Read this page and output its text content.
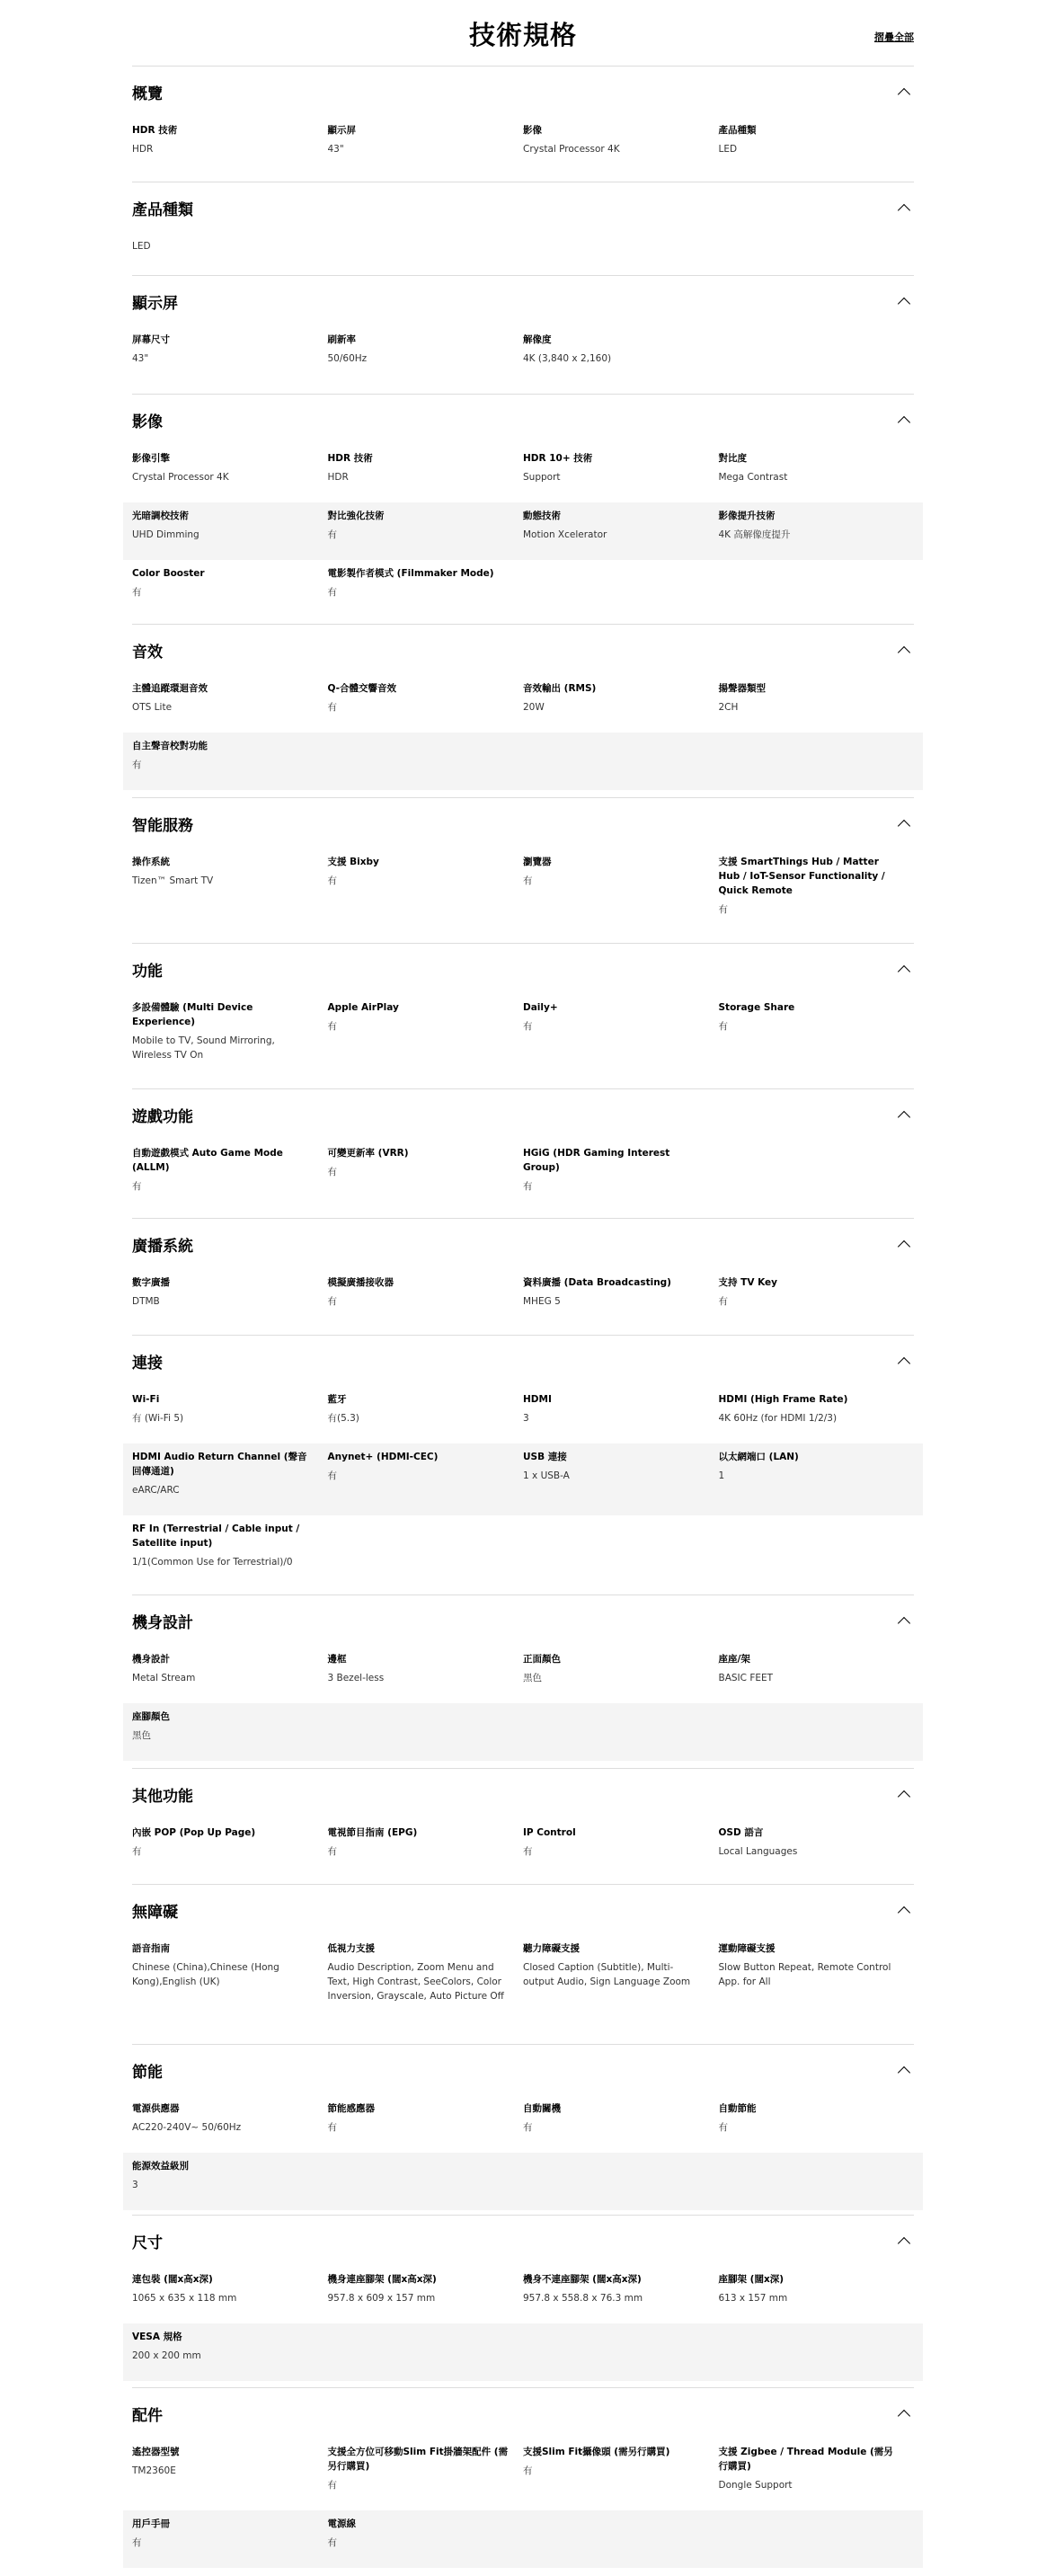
技術規格	摺疊全部
概覽
HDR 技術
HDR
顯示屏
43"
影像
Crystal Processor 4K
產品種類
LED
產品種類
LED
顯示屏
屏幕尺寸
43"
刷新率
50/60Hz
解像度
4K (3,840 x 2,160)
影像
影像引擎
Crystal Processor 4K
HDR 技術
HDR
HDR 10+ 技術
Support
對比度
Mega Contrast
光暗調校技術
UHD Dimming
對比強化技術
有
動態技術
Motion Xcelerator
影像提升技術
4K 高解像度提升
Color Booster
有
電影製作者模式 (Filmmaker Mode)
有
音效
主體追蹤環迴音效
OTS Lite
Q-合體交響音效
有
音效輸出 (RMS)
20W
揚聲器類型
2CH
自主聲音校對功能
有
智能服務
操作系統
Tizen™ Smart TV
支援 Bixby
有
瀏覽器
有
支援 SmartThings Hub / Matter Hub / IoT-Sensor Functionality / Quick Remote
有
功能
多設備體驗 (Multi Device Experience)
Mobile to TV, Sound Mirroring, Wireless TV On
Apple AirPlay
有
Daily+
有
Storage Share
有
遊戲功能
自動遊戲模式 Auto Game Mode (ALLM)
有
可變更新率 (VRR)
有
HGiG (HDR Gaming Interest Group)
有
廣播系統
數字廣播
DTMB
模擬廣播接收器
有
資料廣播 (Data Broadcasting)
MHEG 5
支持 TV Key
有
連接
Wi-Fi
有 (Wi-Fi 5)
藍牙
有(5.3)
HDMI
3
HDMI (High Frame Rate)
4K 60Hz (for HDMI 1/2/3)
HDMI Audio Return Channel (聲音回傳通道)
eARC/ARC
Anynet+ (HDMI-CEC)
有
USB 連接
1 x USB-A
以太網端口 (LAN)
1
RF In (Terrestrial / Cable input / Satellite input)
1/1(Common Use for Terrestrial)/0
機身設計
機身設計
Metal Stream
邊框
3 Bezel-less
正面顏色
黑色
座座/架
BASIC FEET
座腳顏色
黑色
其他功能
內嵌 POP (Pop Up Page)
有
電視節目指南 (EPG)
有
IP Control
有
OSD 語言
Local Languages
無障礙
語音指南
Chinese (China),Chinese (Hong Kong),English (UK)
低視力支援
Audio Description, Zoom Menu and Text, High Contrast, SeeColors, Color Inversion, Grayscale, Auto Picture Off
聽力障礙支援
Closed Caption (Subtitle), Multi-output Audio, Sign Language Zoom
運動障礙支援
Slow Button Repeat, Remote Control App. for All
節能
電源供應器
AC220-240V~ 50/60Hz
節能感應器
有
自動關機
有
自動節能
有
能源效益級別
3
尺寸
連包裝 (闊x高x深)
1065 x 635 x 118 mm
機身連座腳架 (闊x高x深)
957.8 x 609 x 157 mm
機身不連座腳架 (闊x高x深)
957.8 x 558.8 x 76.3 mm
座腳架 (闊x深)
613 x 157 mm
VESA 規格
200 x 200 mm
配件
遙控器型號
TM2360E
支援全方位可移動Slim Fit掛牆架配件 (需另行購買)
有
支援Slim Fit攝像頭 (需另行購買)
有
支援 Zigbee / Thread Module (需另行購買)
Dongle Support
用戶手冊
有
電源線
有
